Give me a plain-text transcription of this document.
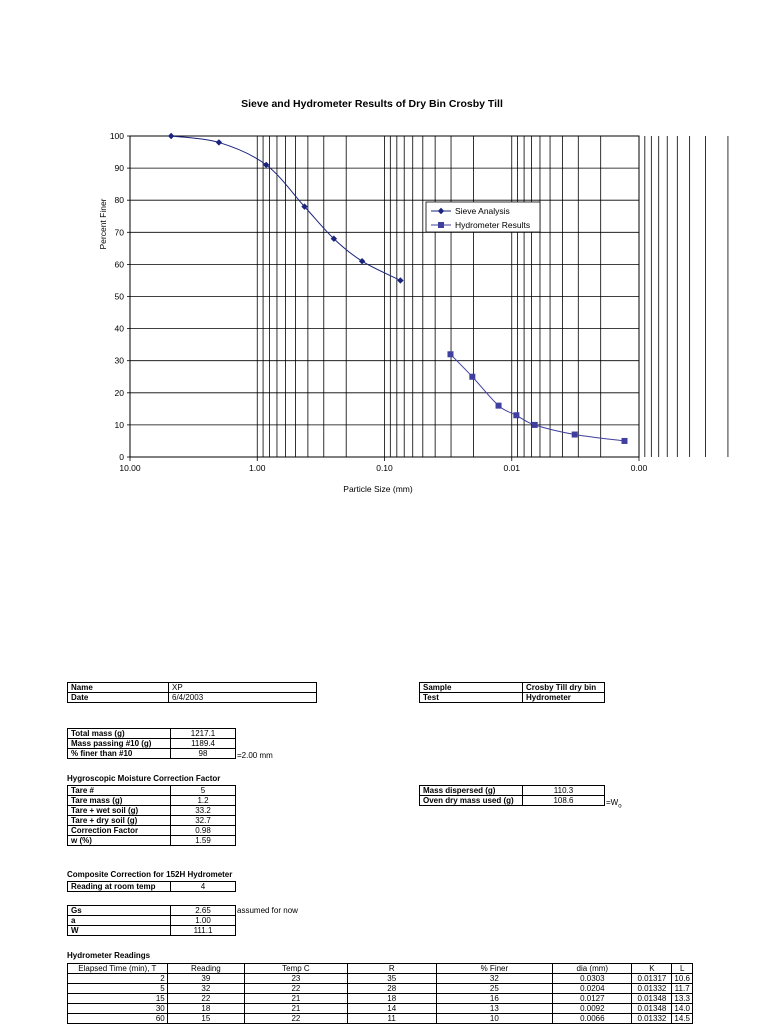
Sieve and Hydrometer Results of Dry Bin Crosby Till
10.00	1.00	0.10	0.01	0.00
0
10
20
30
40
50
60
70
80
90
100
Particle Size (mm)
Percent Finer	Sieve Analysis
Hydrometer Results
Name	XP
Date	6/4/2003
Sample	Crosby Till dry bin
Test	Hydrometer
Total mass (g)	1217.1
Mass passing #10 (g)	1189.4
% finer than #10	98	=2.00 mm
Hygroscopic Moisture Correction Factor
Tare #	5
Tare mass (g)	1.2
Tare + wet soil (g)	33.2
Tare + dry soil (g)	32.7
Correction Factor	0.98
w (%)	1.59
Mass dispersed (g)	110.3
Oven dry mass used (g)	108.6	$=W_o$
Composite Correction for 152H Hydrometer
Reading at room temp	4
Gs	2.65
a	1.00
W	111.1
assumed for now
Hydrometer Readings
Elapsed Time (min), T	Reading	Temp C	R	% Finer	dia (mm)	K	L
2	39	23	35	32	0.0303	0.01317	10.6
5	32	22	28	25	0.0204	0.01332	11.7
15	22	21	18	16	0.0127	0.01348	13.3
30	18	21	14	13	0.0092	0.01348	14.0
60	15	22	11	10	0.0066	0.01332	14.5
